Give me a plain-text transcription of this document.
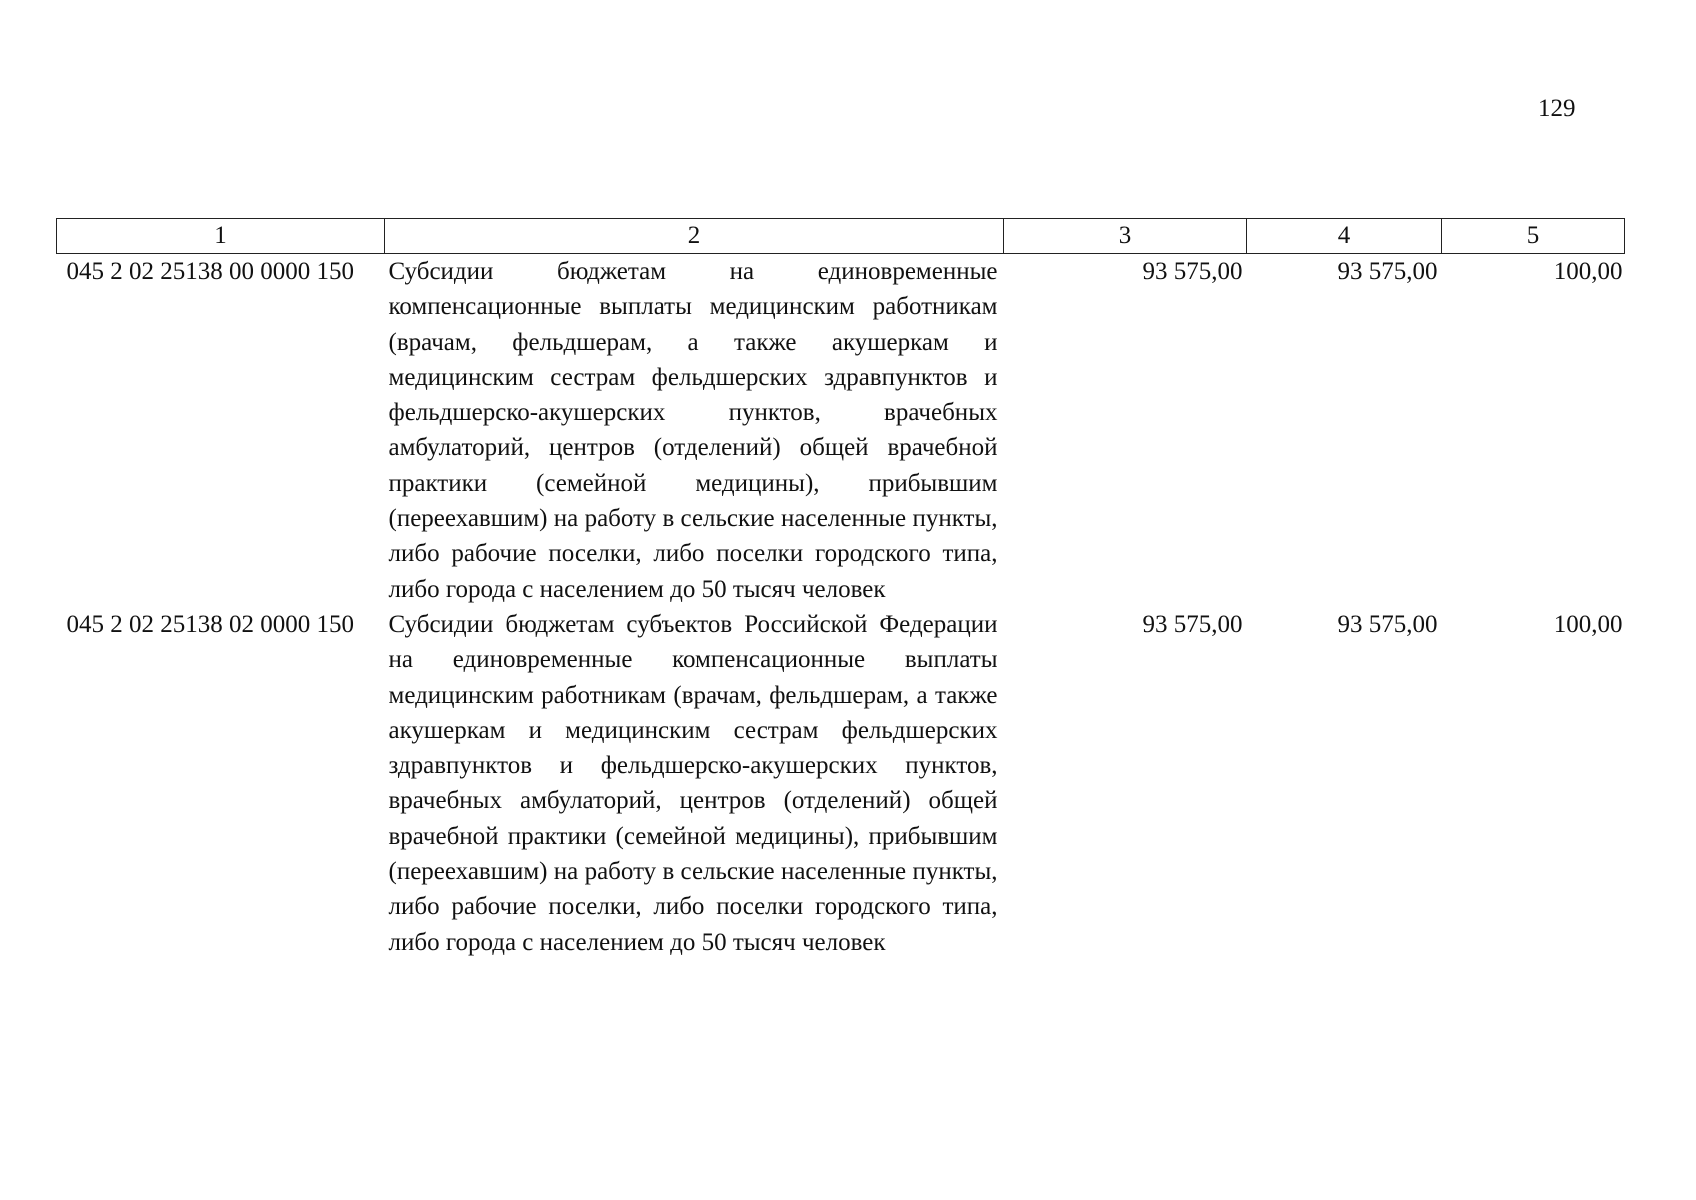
129
1	2	3	4	5
045 2 02 25138 00 0000 150	Субсидии бюджетам на единовременные компенсационные выплаты медицинским работникам (врачам, фельдшерам, а также акушеркам и медицинским сестрам фельдшерских здравпунктов и фельдшерско-акушерских пунктов, врачебных амбулаторий, центров (отделений) общей врачебной практики (семейной медицины), прибывшим (переехавшим) на работу в сельские населенные пункты, либо рабочие поселки, либо поселки городского типа, либо города с населением до 50 тысяч человек	93 575,00	93 575,00	100,00
045 2 02 25138 02 0000 150	Субсидии бюджетам субъектов Российской Федерации на единовременные компенсационные выплаты медицинским работникам (врачам, фельдшерам, а также акушеркам и медицинским сестрам фельдшерских здравпунктов и фельдшерско-акушерских пунктов, врачебных амбулаторий, центров (отделений) общей врачебной практики (семейной медицины), прибывшим (переехавшим) на работу в сельские населенные пункты, либо рабочие поселки, либо поселки городского типа, либо города с населением до 50 тысяч человек	93 575,00	93 575,00	100,00
